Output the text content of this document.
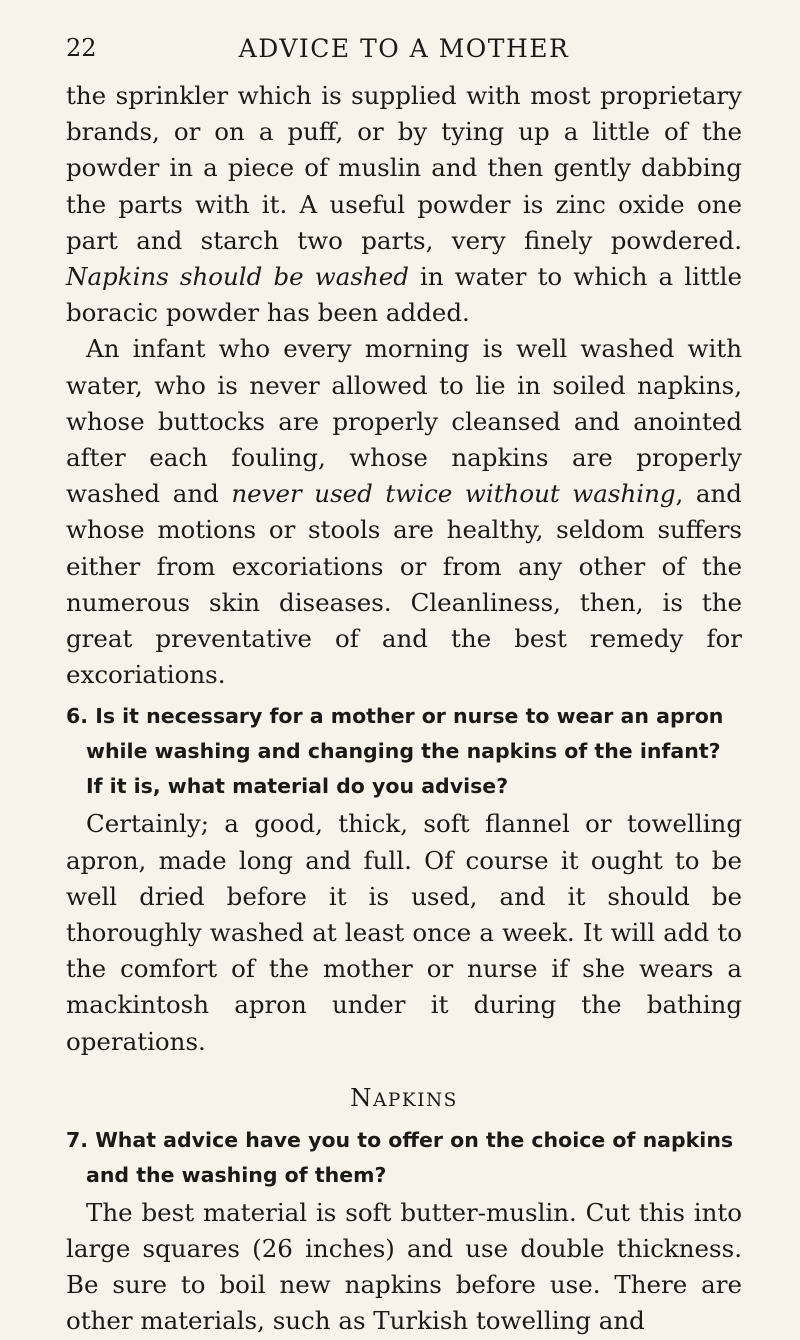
22	ADVICE TO A MOTHER

the sprinkler which is supplied with most proprietary brands, or on a puff, or by tying up a little of the powder in a piece of muslin and then gently dabbing the parts with it. A useful powder is zinc oxide one part and starch two parts, very finely powdered. Napkins should be washed in water to which a little boracic powder has been added.

An infant who every morning is well washed with water, who is never allowed to lie in soiled napkins, whose buttocks are properly cleansed and anointed after each fouling, whose napkins are properly washed and never used twice without washing, and whose motions or stools are healthy, seldom suffers either from excoriations or from any other of the numerous skin diseases. Cleanliness, then, is the great preventative of and the best remedy for excoriations.

6. Is it necessary for a mother or nurse to wear an apron while washing and changing the napkins of the infant? If it is, what material do you advise?

Certainly; a good, thick, soft flannel or towelling apron, made long and full. Of course it ought to be well dried before it is used, and it should be thoroughly washed at least once a week. It will add to the comfort of the mother or nurse if she wears a mackintosh apron under it during the bathing operations.

NAPKINS
7. What advice have you to offer on the choice of napkins and the washing of them?

The best material is soft butter-muslin. Cut this into large squares (26 inches) and use double thickness. Be sure to boil new napkins before use. There are other materials, such as Turkish towelling and
